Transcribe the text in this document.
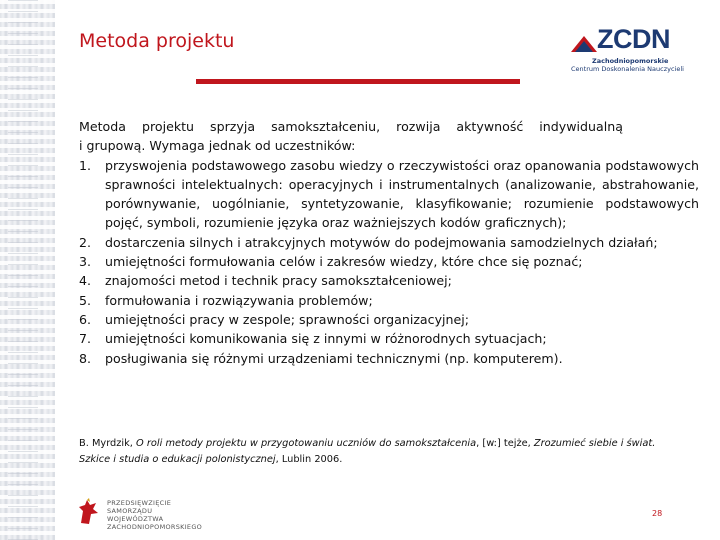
Metoda projektu	ZCDN
Zachodniopomorskie
Centrum Doskonalenia Nauczycieli
Metoda    projektu    sprzyja    samokształceniu,    rozwija    aktywność    indywidualną
i grupową. Wymaga jednak od uczestników:
1.	przyswojenia podstawowego zasobu wiedzy o rzeczywistości oraz opanowania podstawowych sprawności intelektualnych: operacyjnych i instrumentalnych (analizowanie, abstrahowanie, porównywanie, uogólnianie, syntetyzowanie, klasyfikowanie; rozumienie podstawowych pojęć, symboli, rozumienie języka oraz ważniejszych kodów graficznych);
2.	dostarczenia silnych i atrakcyjnych motywów do podejmowania samodzielnych działań;
3.	umiejętności formułowania celów i zakresów wiedzy, które chce się poznać;
4.	znajomości metod i technik pracy samokształceniowej;
5.	formułowania i rozwiązywania problemów;
6.	umiejętności pracy w zespole; sprawności organizacyjnej;
7.	umiejętności komunikowania się z innymi w różnorodnych sytuacjach;
8.	posługiwania się różnymi urządzeniami technicznymi (np. komputerem).
B. Myrdzik, O roli metody projektu w przygotowaniu uczniów do samokształcenia, [w:] tejże, Zrozumieć siebie i świat. Szkice i studia o edukacji polonistycznej, Lublin 2006.
PRZEDSIĘWZIĘCIE
SAMORZĄDU WOJEWÓDZTWA
ZACHODNIOPOMORSKIEGO
28
